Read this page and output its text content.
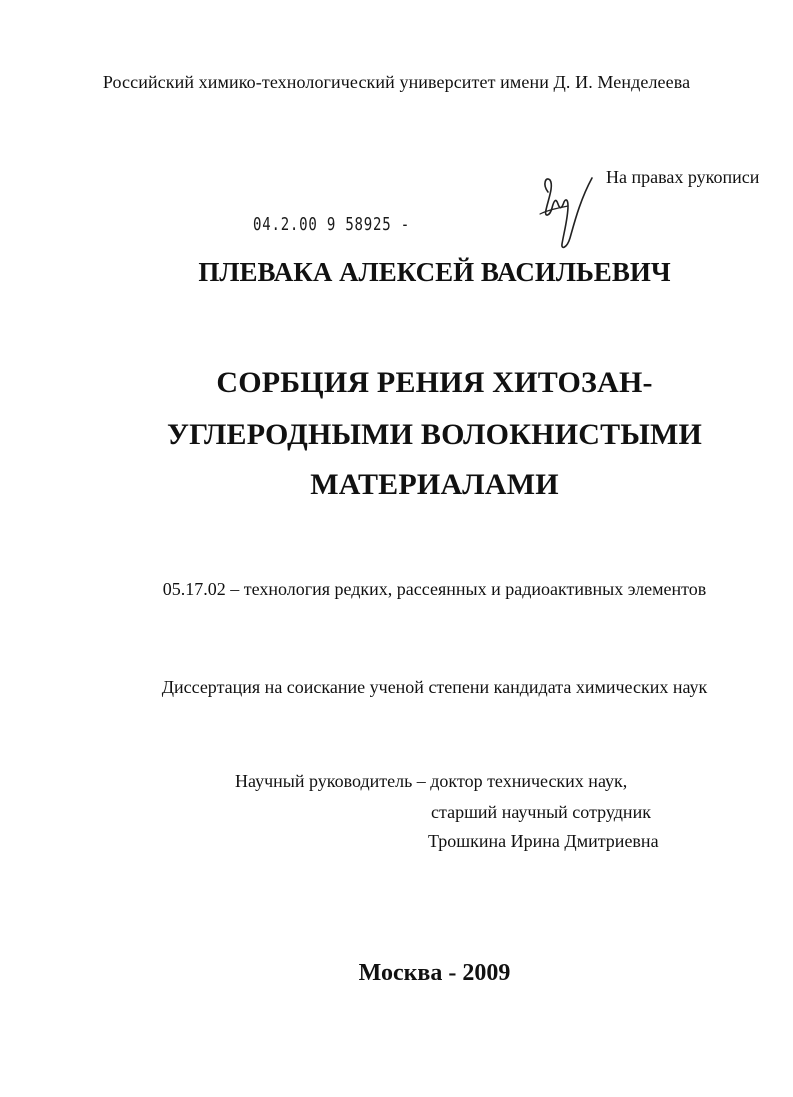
Российский химико-технологический университет имени Д. И. Менделеева
На правах рукописи
04.2.00 9 58925 -
ПЛЕВАКА АЛЕКСЕЙ ВАСИЛЬЕВИЧ
СОРБЦИЯ РЕНИЯ ХИТОЗАН-
УГЛЕРОДНЫМИ ВОЛОКНИСТЫМИ
МАТЕРИАЛАМИ
05.17.02 – технология редких, рассеянных и радиоактивных элементов
Диссертация на соискание ученой степени кандидата химических наук
Научный руководитель – доктор технических наук,
старший научный сотрудник
Трошкина Ирина Дмитриевна
Москва - 2009
